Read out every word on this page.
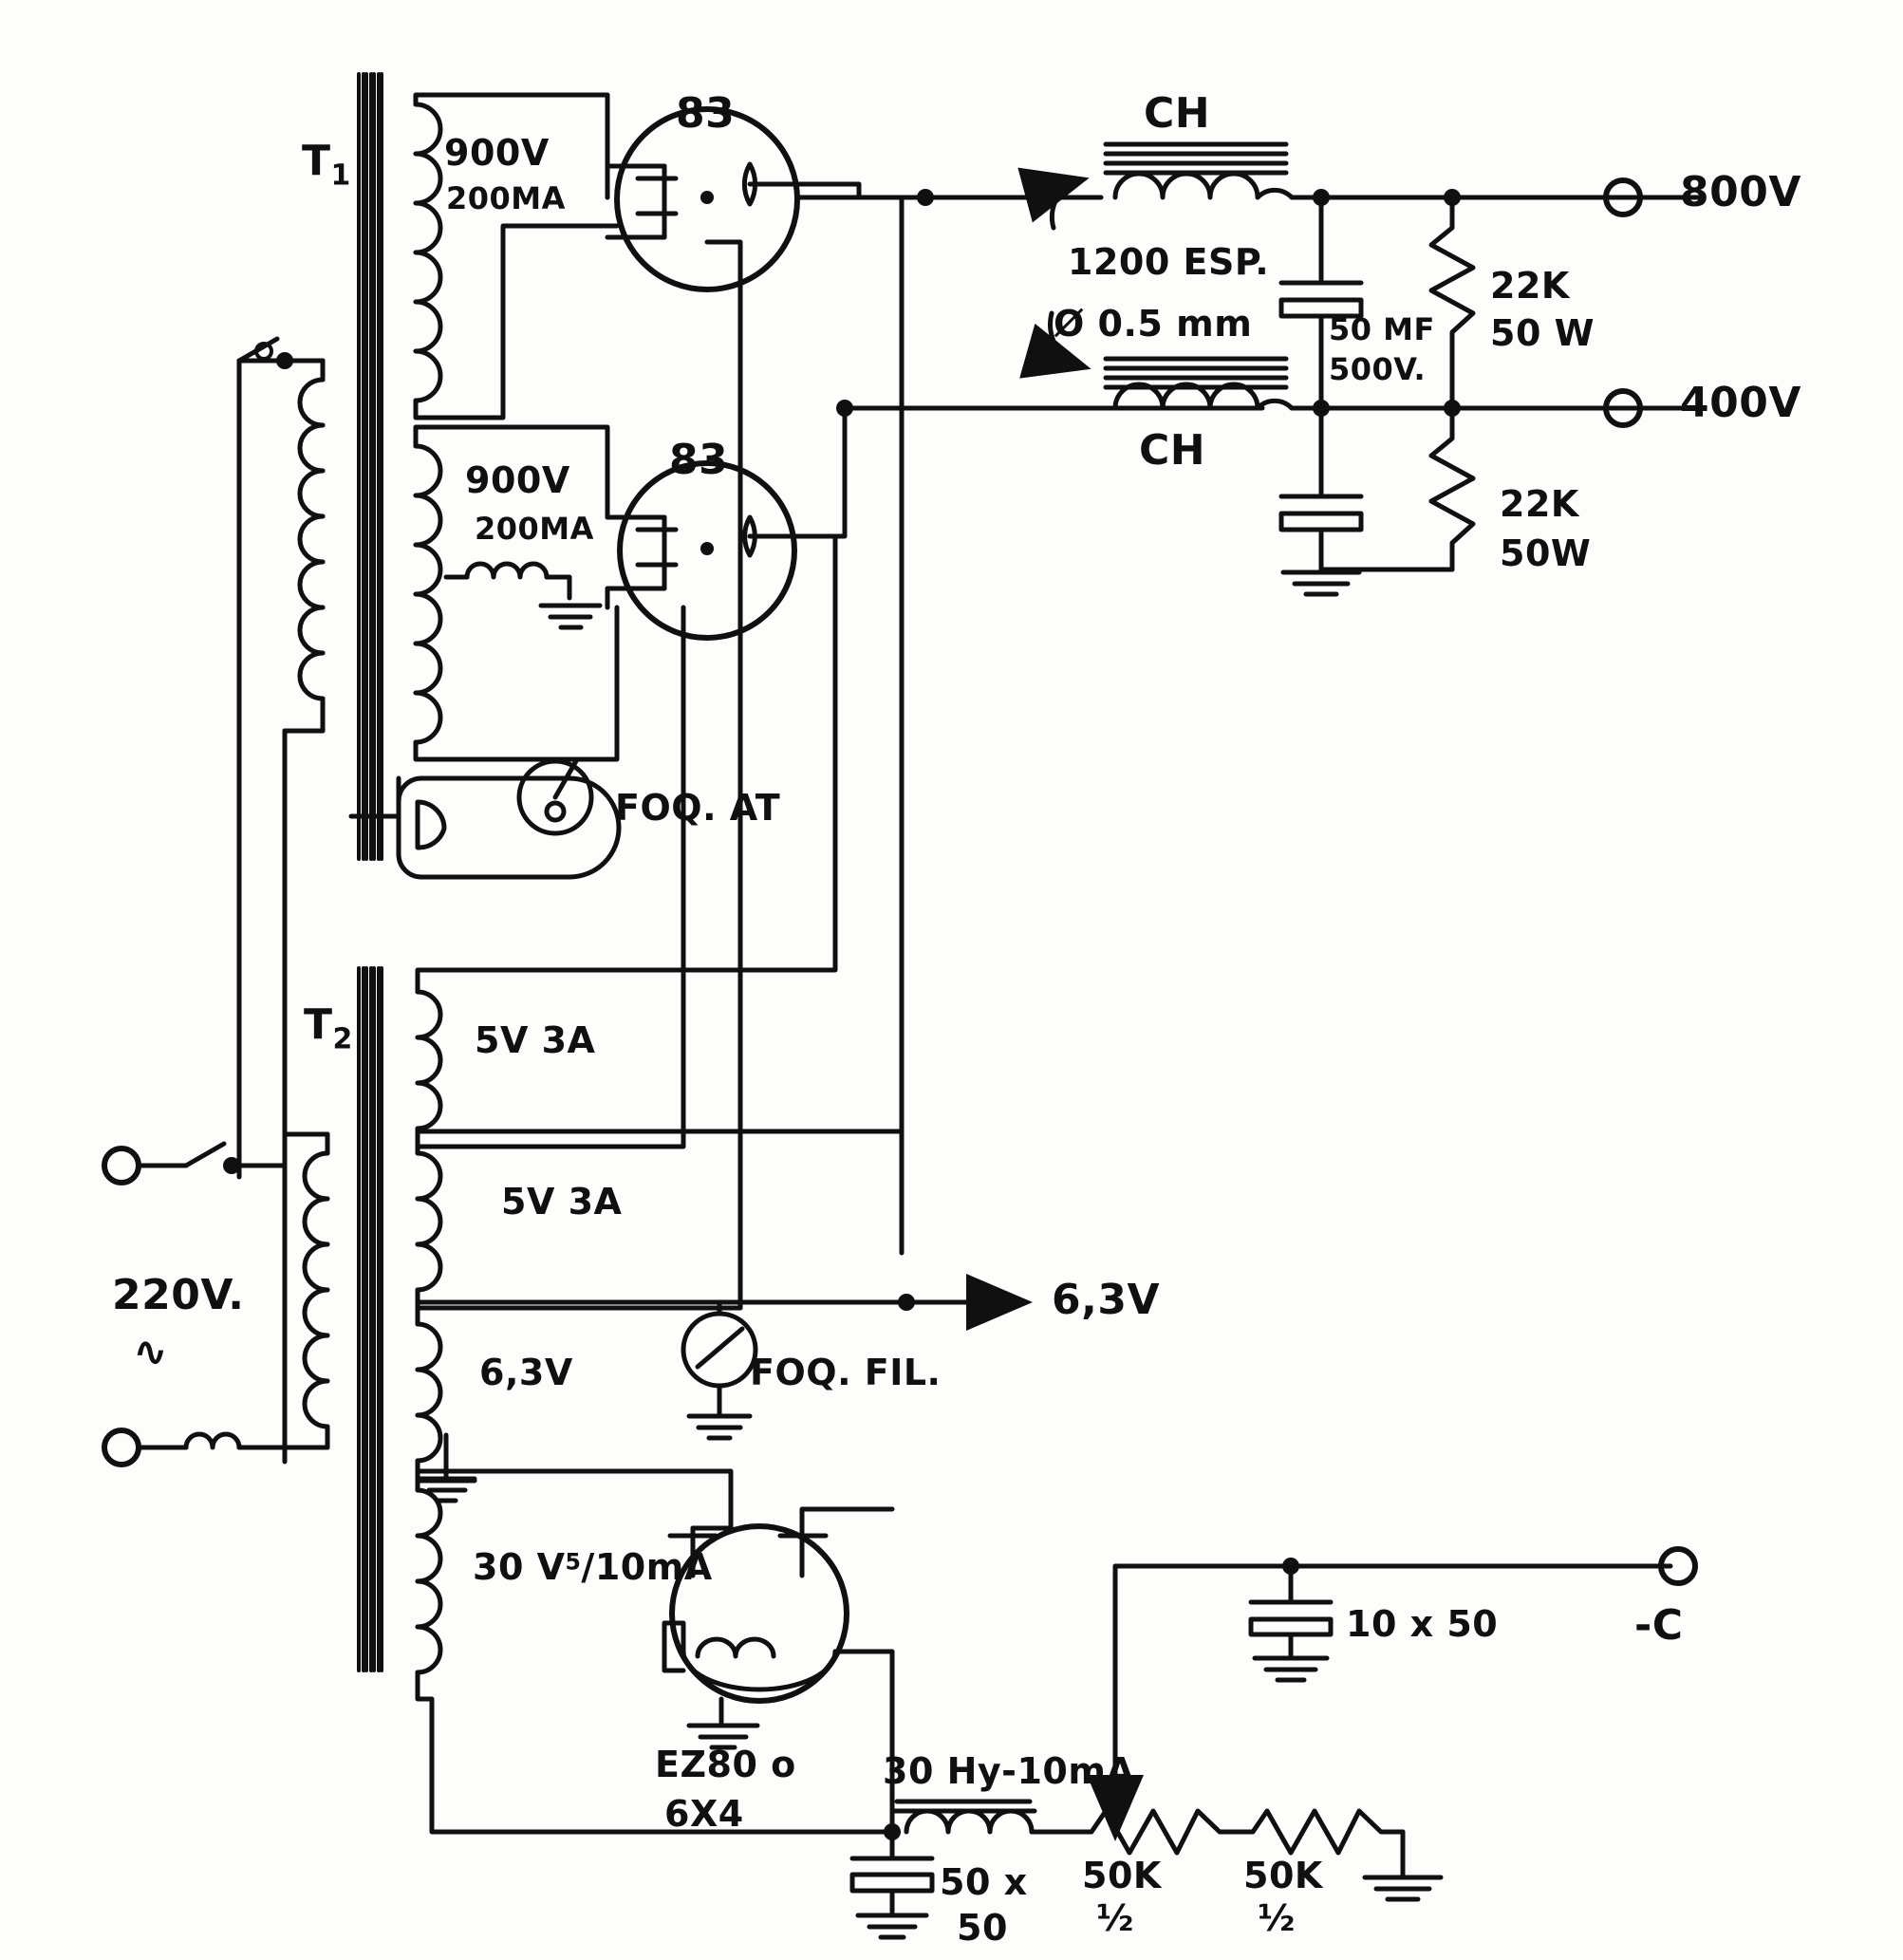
$T_1$
900V
200MA
900V
200MA
83
83
CH
CH
1200 ESP.
Ø 0.5 mm	50 MF
500V.
22K
50 W
22K
50W
800V
400V
FOQ. AT
$T_2$	5V 3A
5V 3A
6,3V
6,3V
FOQ. FIL.
30 $V^5/10mA$
EZ80 o
6X4
30 Hy-10mA
50 x
50
50K
½
50K
½
10 x 50	-C
220V.
∿
